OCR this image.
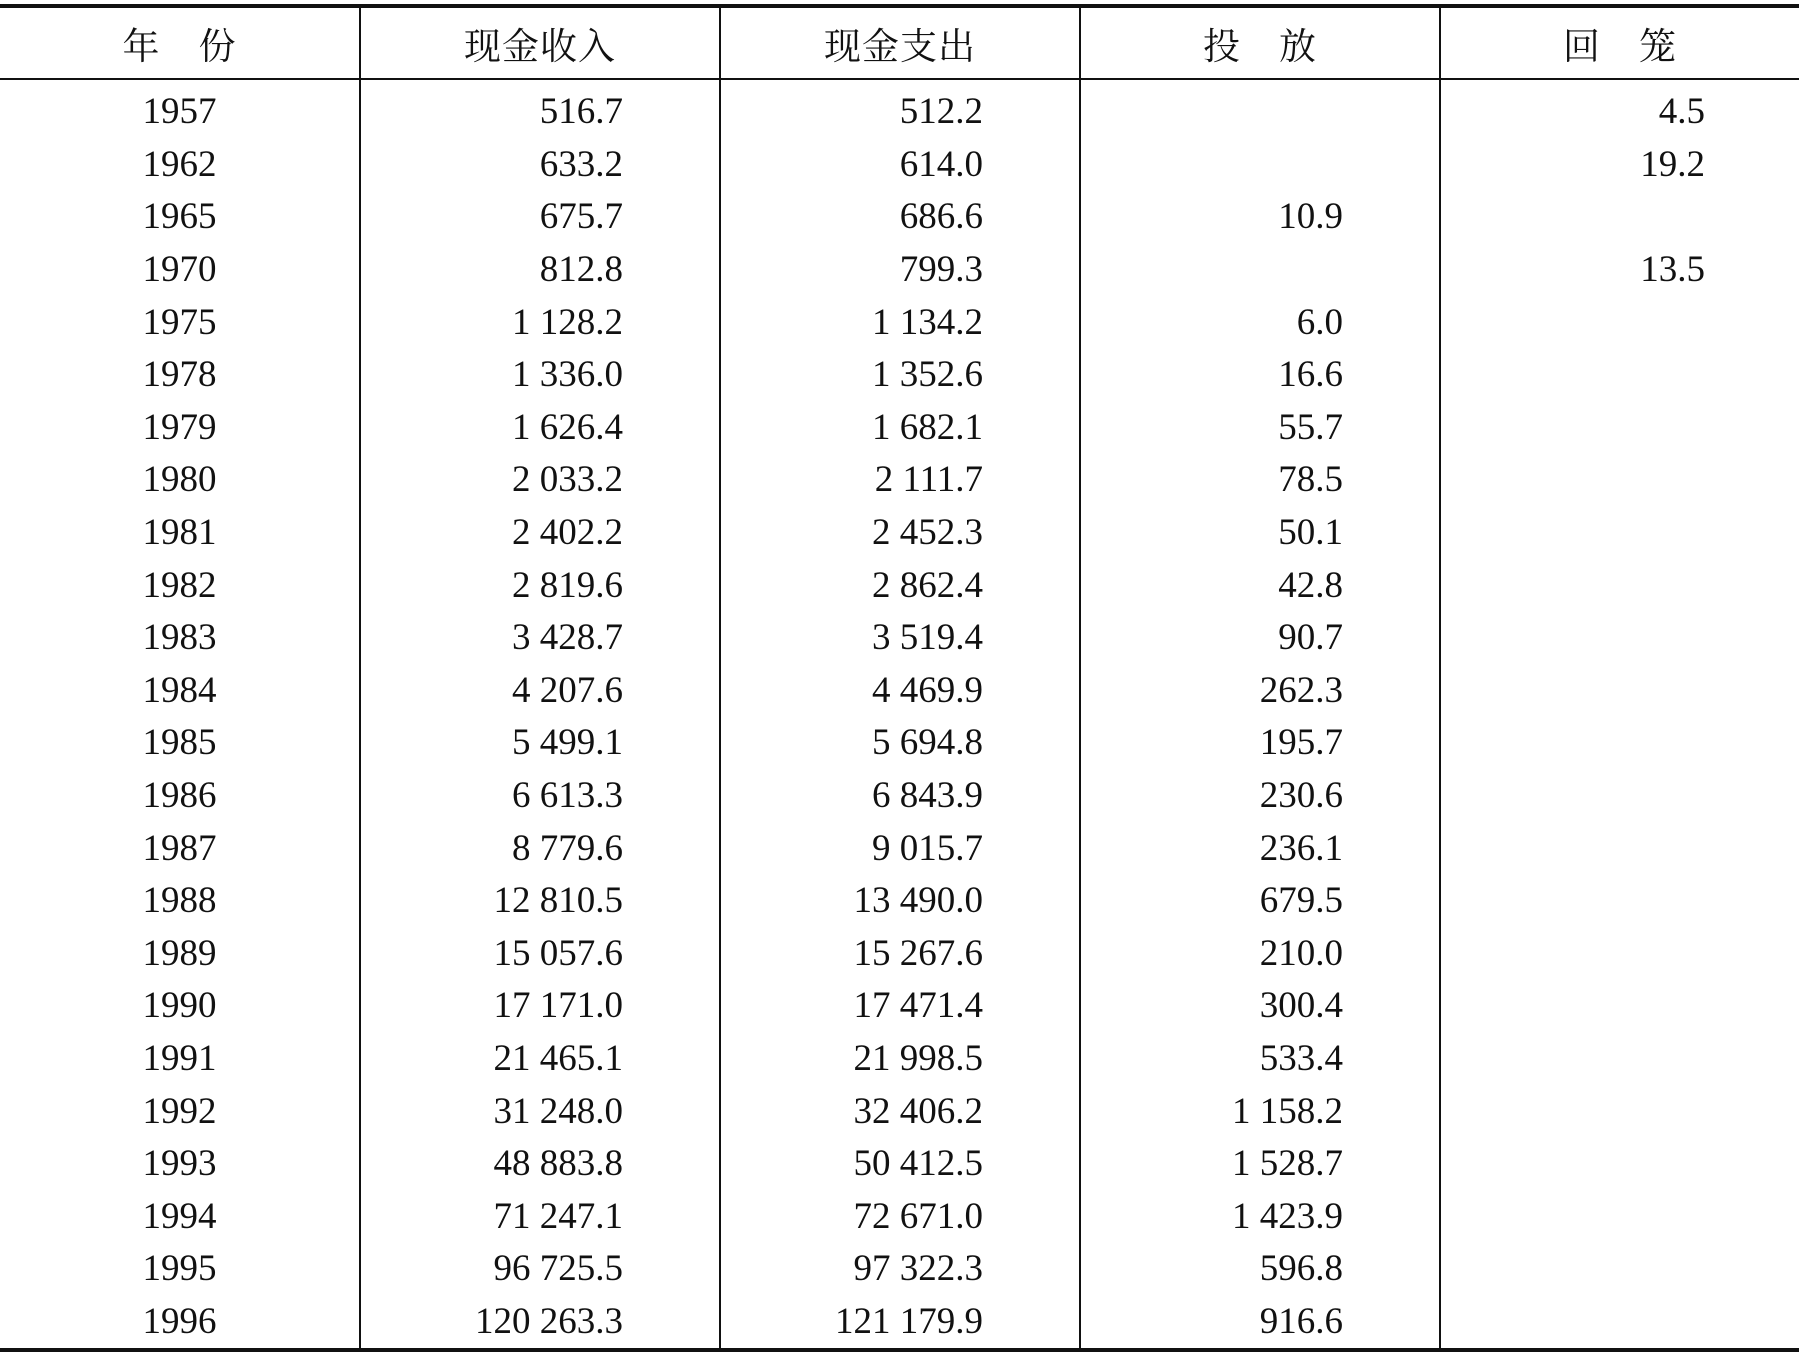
年　份	现金收入	现金支出	投　放	回　笼
1957	516.7	512.2		4.5
1962	633.2	614.0		19.2
1965	675.7	686.6	10.9	
1970	812.8	799.3		13.5
1975	1 128.2	1 134.2	6.0	
1978	1 336.0	1 352.6	16.6	
1979	1 626.4	1 682.1	55.7	
1980	2 033.2	2 111.7	78.5	
1981	2 402.2	2 452.3	50.1	
1982	2 819.6	2 862.4	42.8	
1983	3 428.7	3 519.4	90.7	
1984	4 207.6	4 469.9	262.3	
1985	5 499.1	5 694.8	195.7	
1986	6 613.3	6 843.9	230.6	
1987	8 779.6	9 015.7	236.1	
1988	12 810.5	13 490.0	679.5	
1989	15 057.6	15 267.6	210.0	
1990	17 171.0	17 471.4	300.4	
1991	21 465.1	21 998.5	533.4	
1992	31 248.0	32 406.2	1 158.2	
1993	48 883.8	50 412.5	1 528.7	
1994	71 247.1	72 671.0	1 423.9	
1995	96 725.5	97 322.3	596.8	
1996	120 263.3	121 179.9	916.6	
